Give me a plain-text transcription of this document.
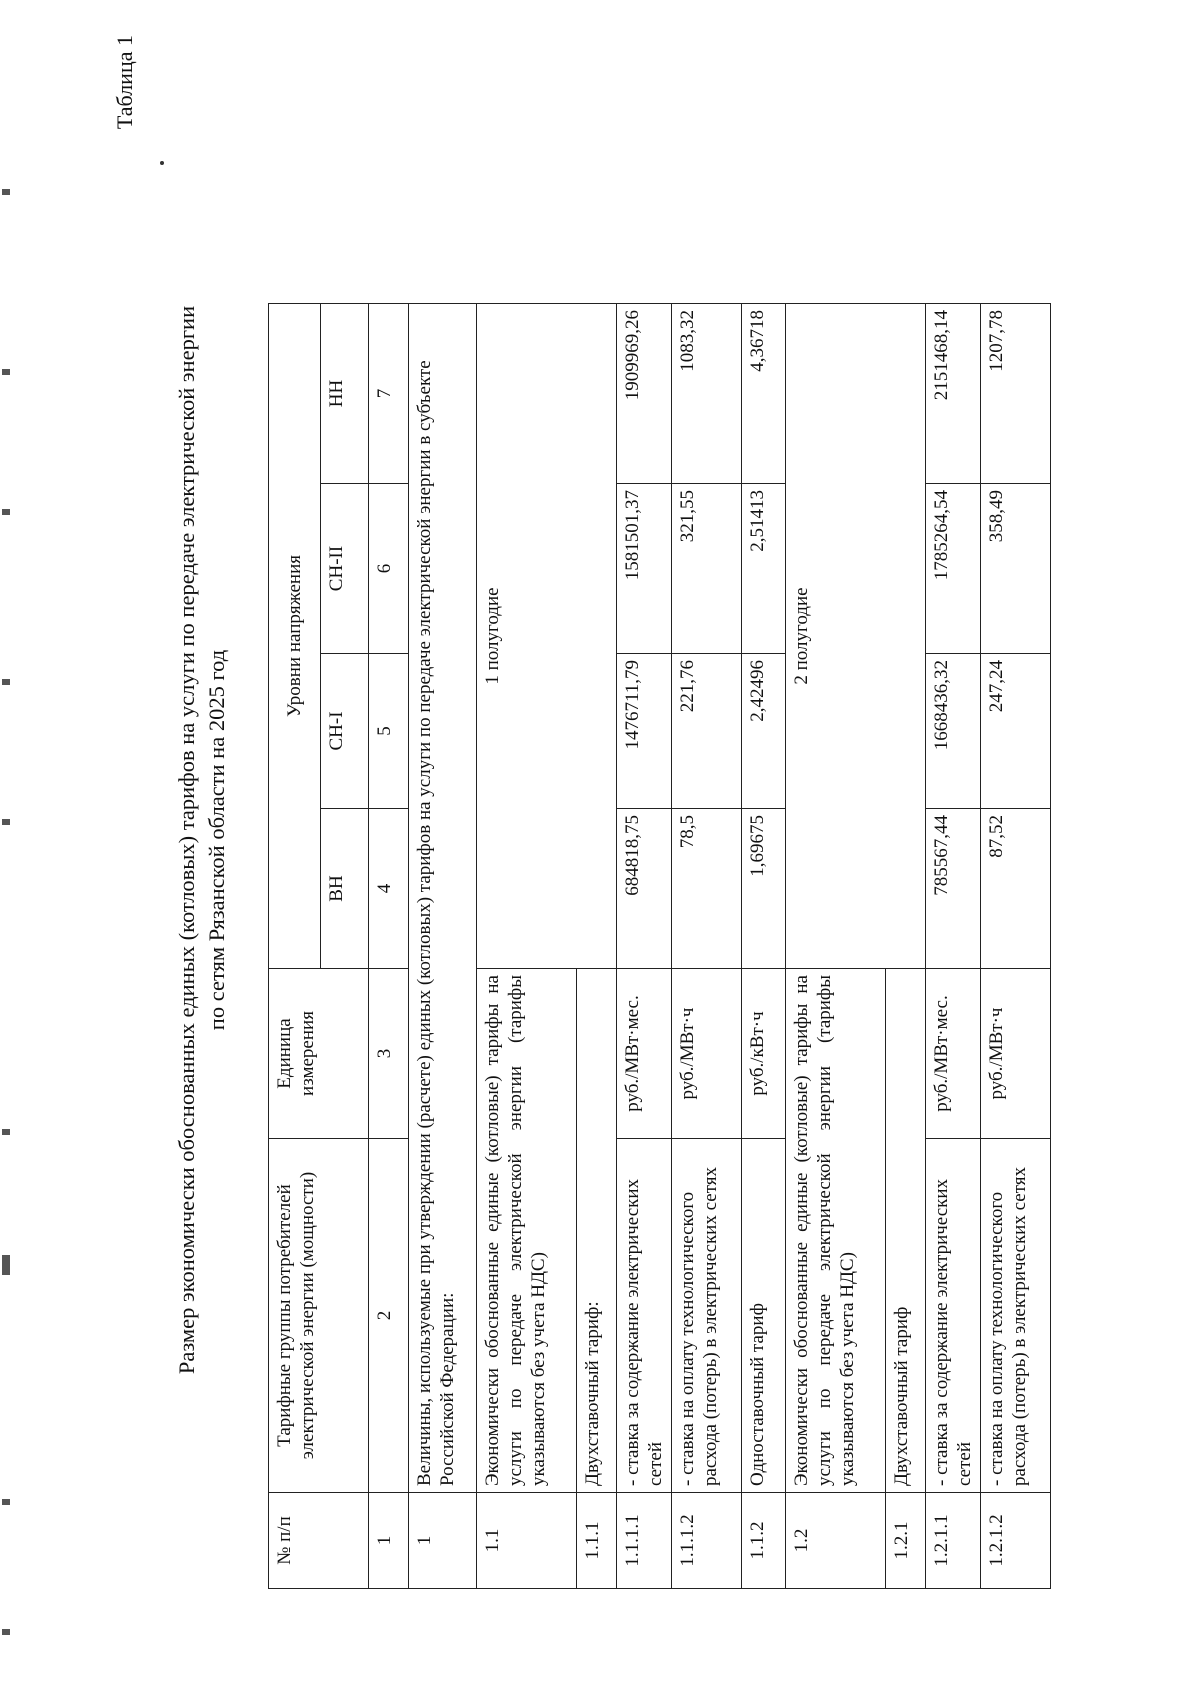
Таблица 1
Размер экономически обоснованных единых (котловых) тарифов на услуги по передаче электрической энергии по сетям Рязанской области на 2025 год
№ п/п	Тарифные группы потребителей электрической энергии (мощности)	Единица измерения	Уровни напряжения			
			ВН	СН-I	СН-II	НН
1	2	3	4	5	6	7
1	Величины, используемые при утверждении (расчете) единых (котловых) тарифов на услуги по передаче электрической энергии в субъекте Российской Федерации:					
1.1	Экономически обоснованные единые (котловые) тарифы на услуги по передаче электрической энергии (тарифы указываются без учета НДС)		1 полугодие			
1.1.1	Двухставочный тариф:					
1.1.1.1	- ставка за содержание электрических сетей	руб./МВт·мес.	684818,75	1476711,79	1581501,37	1909969,26
1.1.1.2	- ставка на оплату технологического расхода (потерь) в электрических сетях	руб./МВт·ч	78,5	221,76	321,55	1083,32
1.1.2	Одноставочный тариф	руб./кВт·ч	1,69675	2,42496	2,51413	4,36718
1.2	Экономически обоснованные единые (котловые) тарифы на услуги по передаче электрической энергии (тарифы указываются без учета НДС)		2 полугодие			
1.2.1	Двухставочный тариф					
1.2.1.1	- ставка за содержание электрических сетей	руб./МВт·мес.	785567,44	1668436,32	1785264,54	2151468,14
1.2.1.2	- ставка на оплату технологического расхода (потерь) в электрических сетях	руб./МВт·ч	87,52	247,24	358,49	1207,78
